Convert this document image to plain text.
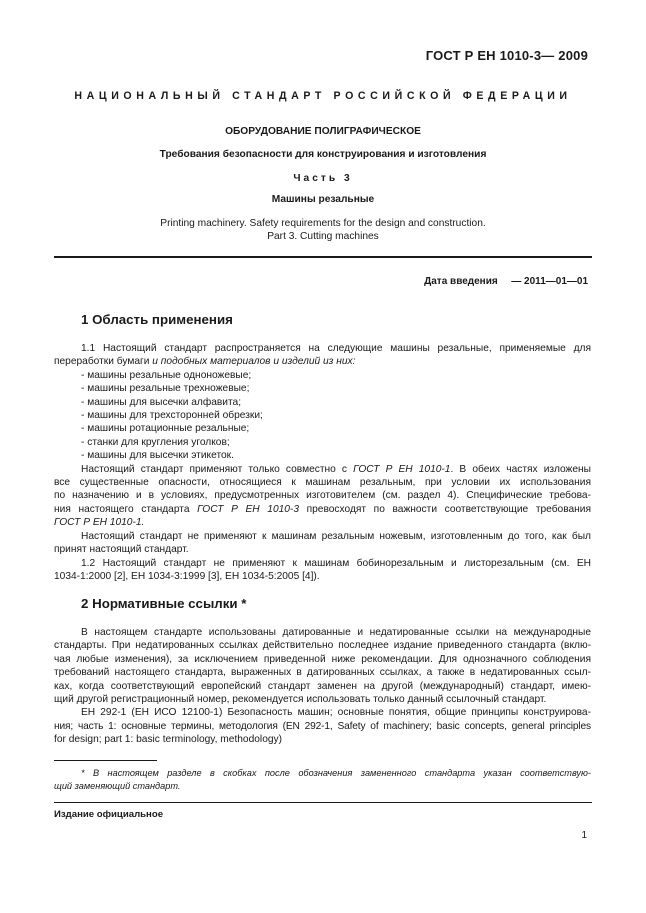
ГОСТ Р ЕН 1010-3— 2009
НАЦИОНАЛЬНЫЙ СТАНДАРТ РОССИЙСКОЙ ФЕДЕРАЦИИ
ОБОРУДОВАНИЕ ПОЛИГРАФИЧЕСКОЕ
Требования безопасности для конструирования и изготовления
Часть 3
Машины резальные
Printing machinery. Safety requirements for the design and construction.
Part 3. Cutting machines
Дата введения — 2011—01—01
1 Область применения

1.1 Настоящий стандарт распространяется на следующие машины резальные, применяемые для

переработки бумаги и подобных материалов и изделий из них:

- машины резальные одноножевые;

- машины резальные трехножевые;

- машины для высечки алфавита;

- машины для трехсторонней обрезки;

- машины ротационные резальные;

- станки для кругления уголков;

- машины для высечки этикеток.

Настоящий стандарт применяют только совместно с ГОСТ Р ЕН 1010-1. В обеих частях изложены

все существенные опасности, относящиеся к машинам резальным, при условии их использования

по назначению и в условиях, предусмотренных изготовителем (см. раздел 4). Специфические требова-

ния настоящего стандарта ГОСТ Р ЕН 1010-3 превосходят по важности соответствующие требования

ГОСТ Р ЕН 1010-1.

Настоящий стандарт не применяют к машинам резальным ножевым, изготовленным до того, как был

принят настоящий стандарт.

1.2 Настоящий стандарт не применяют к машинам бобинорезальным и листорезальным (см. ЕН

1034-1:2000 [2], ЕН 1034-3:1999 [3], ЕН 1034-5:2005 [4]).

2 Нормативные ссылки *

В настоящем стандарте использованы датированные и недатированные ссылки на международные

стандарты. При недатированных ссылках действительно последнее издание приведенного стандарта (вклю-

чая любые изменения), за исключением приведенной ниже рекомендации. Для однозначного соблюдения

требований настоящего стандарта, выраженных в датированных ссылках, а также в недатированных ссыл-

ках, когда соответствующий европейский стандарт заменен на другой (международный) стандарт, имею-

щий другой регистрационный номер, рекомендуется использовать только данный ссылочный стандарт.

ЕН 292-1 (ЕН ИСО 12100-1) Безопасность машин; основные понятия, общие принципы конструирова-

ния; часть 1: основные термины, методология (EN 292-1, Safety of machinery; basic concepts, general principles

for design; part 1: basic terminology, methodology)

* В настоящем разделе в скобках после обозначения замененного стандарта указан соответствую-

щий заменяющий стандарт.

Издание официальное
1
